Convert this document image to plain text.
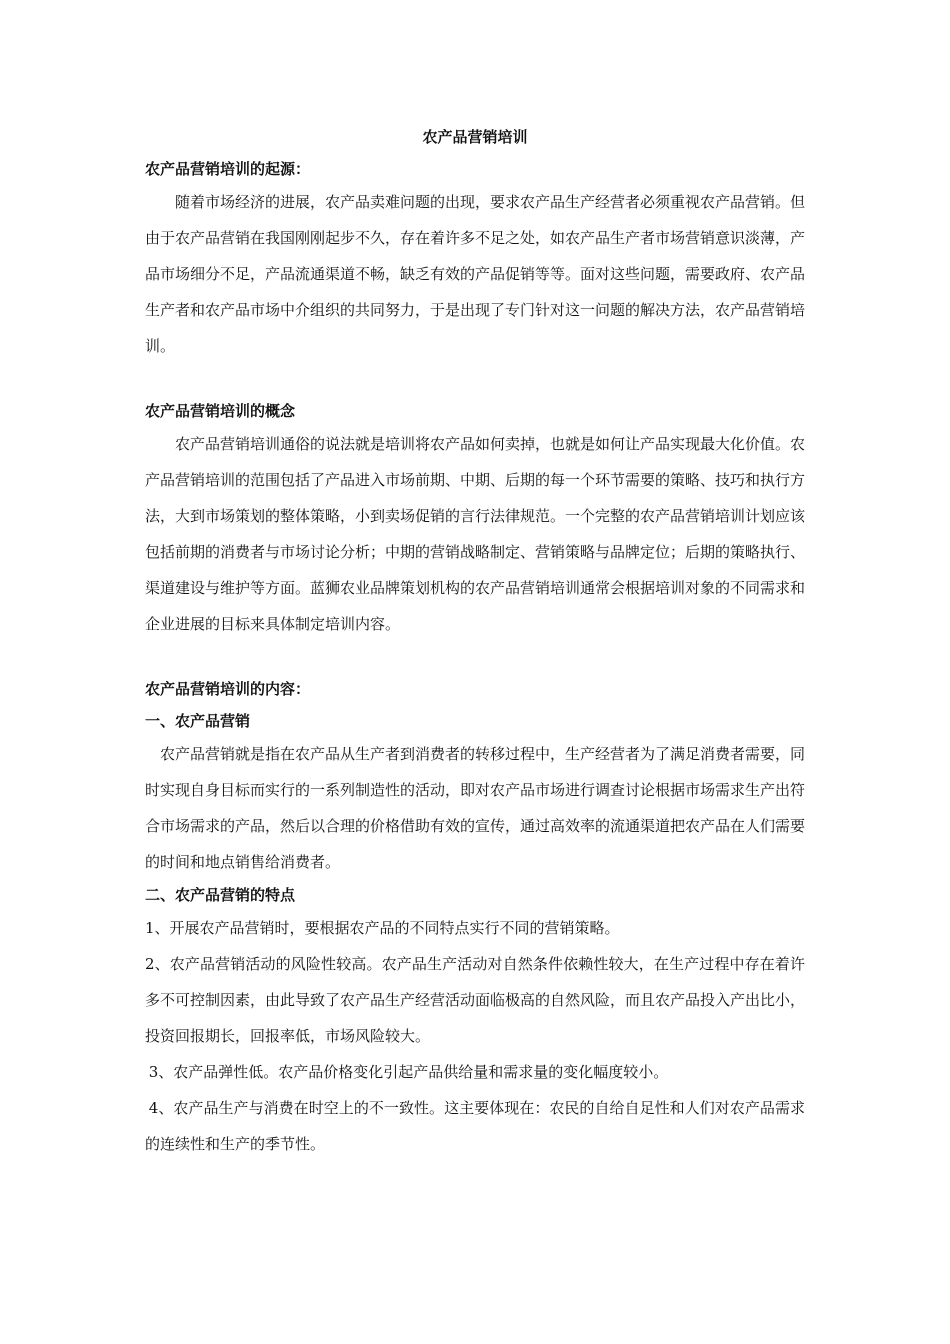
农产品营销培训
农产品营销培训的起源：

随着市场经济的进展，农产品卖难问题的出现，要求农产品生产经营者必须重视农产品营销。但由于农产品营销在我国刚刚起步不久，存在着许多不足之处，如农产品生产者市场营销意识淡薄，产品市场细分不足，产品流通渠道不畅，缺乏有效的产品促销等等。面对这些问题，需要政府、农产品生产者和农产品市场中介组织的共同努力，于是出现了专门针对这一问题的解决方法，农产品营销培训。

农产品营销培训的概念

农产品营销培训通俗的说法就是培训将农产品如何卖掉，也就是如何让产品实现最大化价值。农产品营销培训的范围包括了产品进入市场前期、中期、后期的每一个环节需要的策略、技巧和执行方法，大到市场策划的整体策略，小到卖场促销的言行法律规范。一个完整的农产品营销培训计划应该包括前期的消费者与市场讨论分析；中期的营销战略制定、营销策略与品牌定位；后期的策略执行、渠道建设与维护等方面。蓝狮农业品牌策划机构的农产品营销培训通常会根据培训对象的不同需求和企业进展的目标来具体制定培训内容。

农产品营销培训的内容：
一、农产品营销

农产品营销就是指在农产品从生产者到消费者的转移过程中，生产经营者为了满足消费者需要，同时实现自身目标而实行的一系列制造性的活动，即对农产品市场进行调查讨论根据市场需求生产出符合市场需求的产品，然后以合理的价格借助有效的宣传，通过高效率的流通渠道把农产品在人们需要的时间和地点销售给消费者。

二、农产品营销的特点

1、开展农产品营销时，要根据农产品的不同特点实行不同的营销策略。

2、农产品营销活动的风险性较高。农产品生产活动对自然条件依赖性较大，在生产过程中存在着许多不可控制因素，由此导致了农产品生产经营活动面临极高的自然风险，而且农产品投入产出比小，投资回报期长，回报率低，市场风险较大。

3、农产品弹性低。农产品价格变化引起产品供给量和需求量的变化幅度较小。

4、农产品生产与消费在时空上的不一致性。这主要体现在：农民的自给自足性和人们对农产品需求的连续性和生产的季节性。
